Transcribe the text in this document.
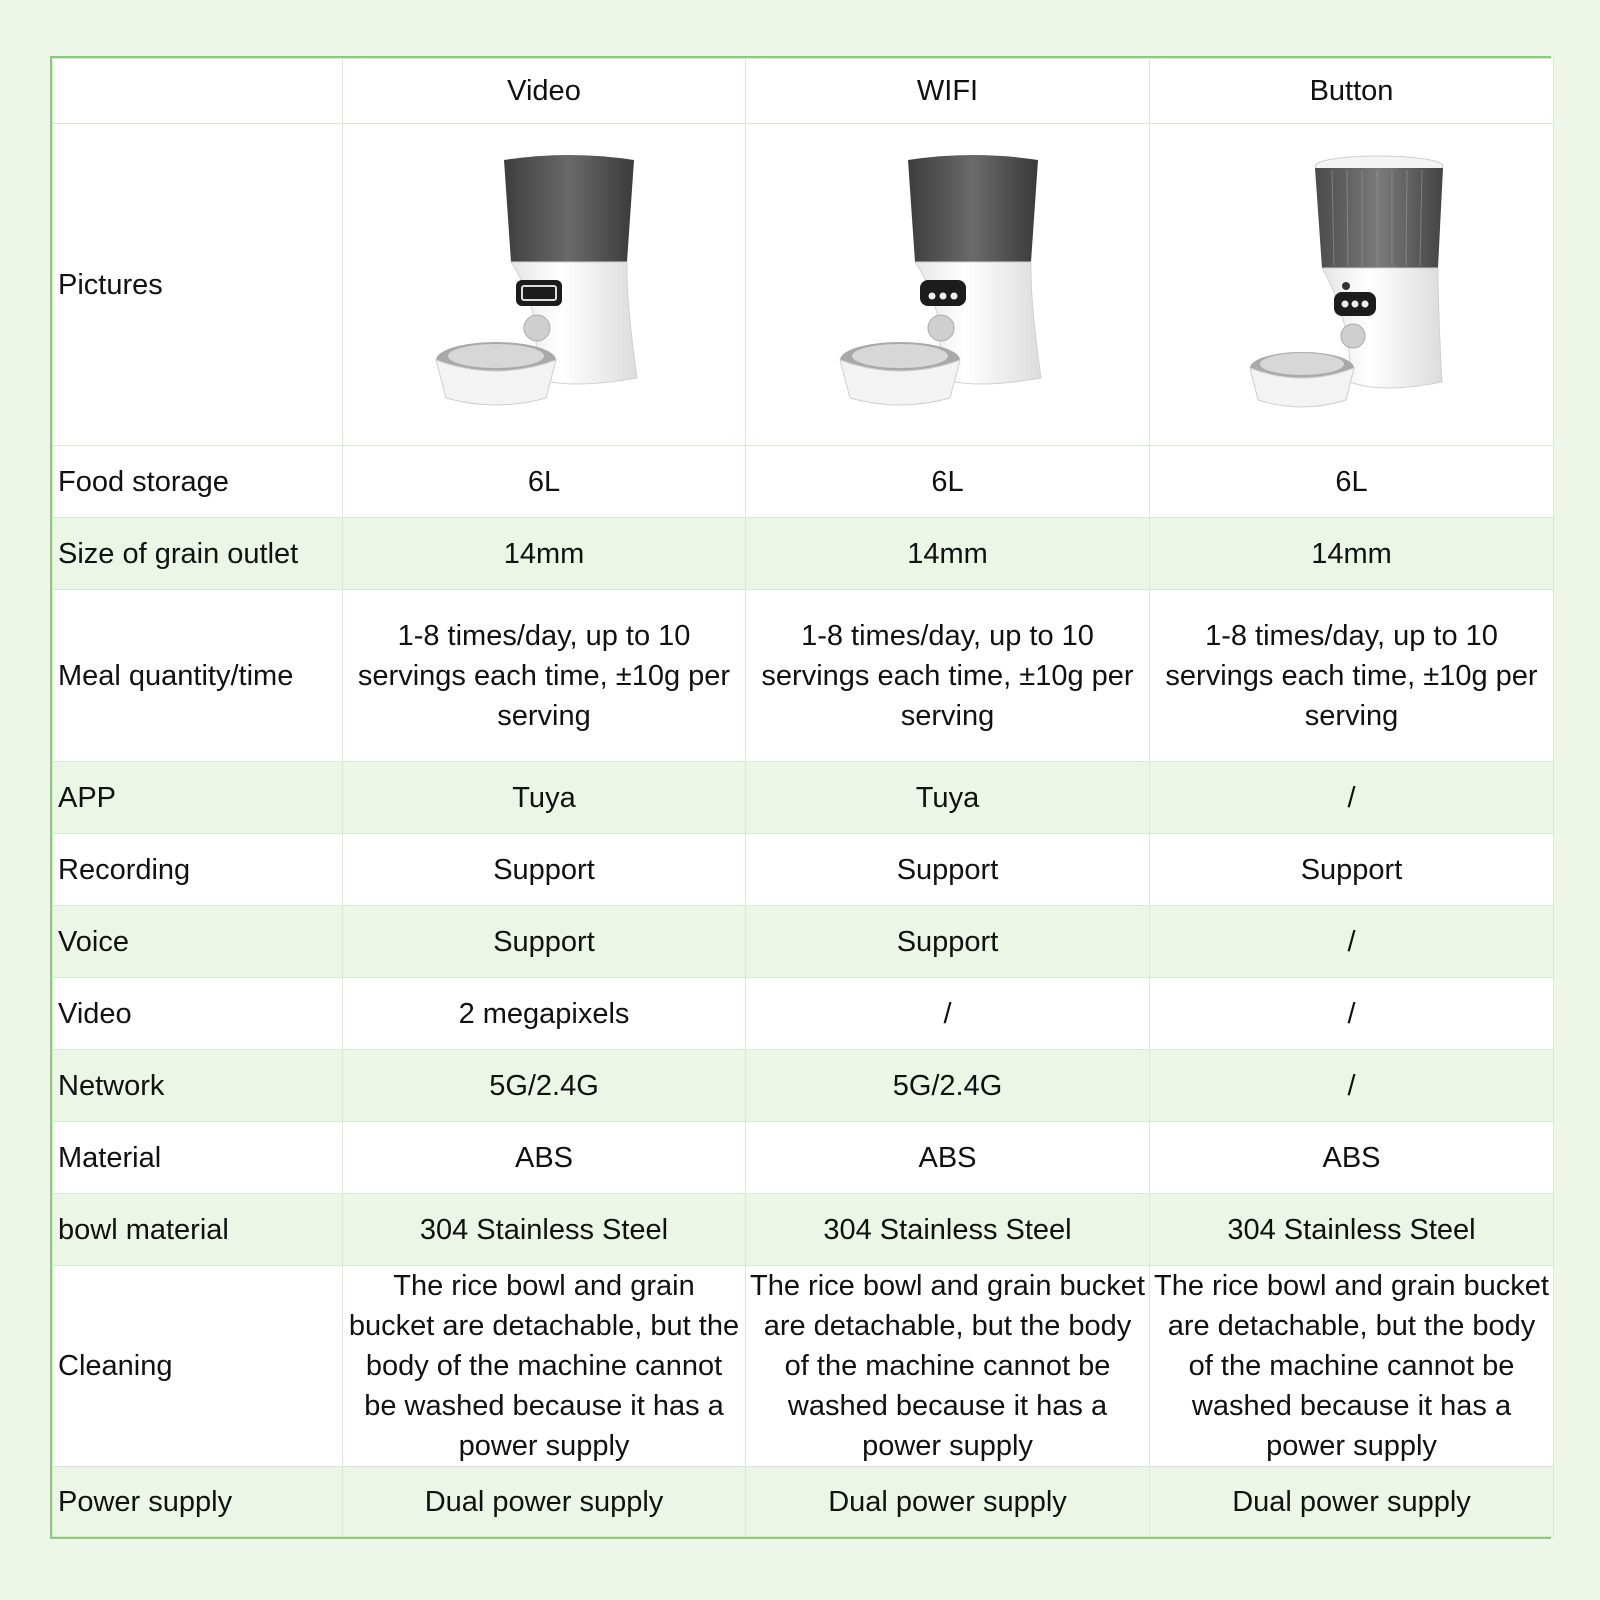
	Video	WIFI	Button
Pictures	

Food storage	6L	6L	6L
Size of grain outlet	14mm	14mm	14mm
Meal quantity/time	1-8 times/day, up to 10 servings each time, ±10g per serving	1-8 times/day, up to 10 servings each time, ±10g per serving	1-8 times/day, up to 10 servings each time, ±10g per serving

APP	Tuya	Tuya	/
Recording	Support	Support	Support
Voice	Support	Support	/
Video	2 megapixels	/	/
Network	5G/2.4G	5G/2.4G	/
Material	ABS	ABS	ABS
bowl material	304 Stainless Steel	304 Stainless Steel	304 Stainless Steel
Cleaning	The rice bowl and grain bucket are detachable, but the body of the machine cannot be washed because it has a power supply	The rice bowl and grain bucket are detachable, but the body of the machine cannot be washed because it has a power supply	The rice bowl and grain bucket are detachable, but the body of the machine cannot be washed because it has a power supply

Power supply	Dual power supply	Dual power supply	Dual power supply
